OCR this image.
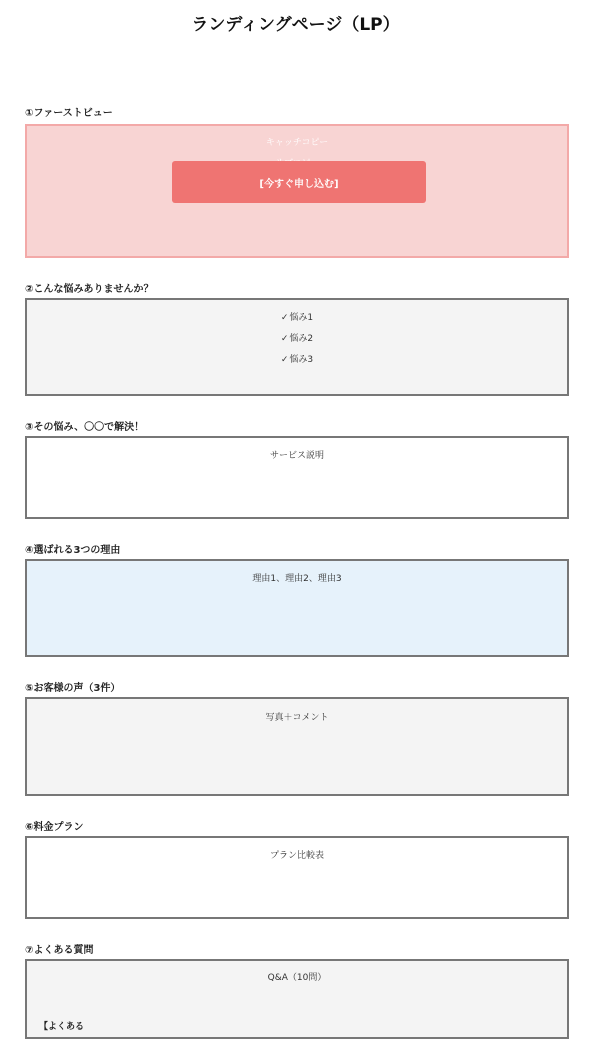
ランディングページ（LP）
①ファーストビュー
キャッチコピー
[今すぐ申し込む]
②こんな悩みありませんか？
✓悩み1
✓悩み2
✓悩み3
③その悩み、〇〇で解決！
サービス説明
④選ばれる3つの理由
理由1、理由2、理由3
⑤お客様の声（3件）
写真＋コメント
⑥料金プラン
プラン比較表
⑦よくある質問
Q&A（10問）
【よくある
